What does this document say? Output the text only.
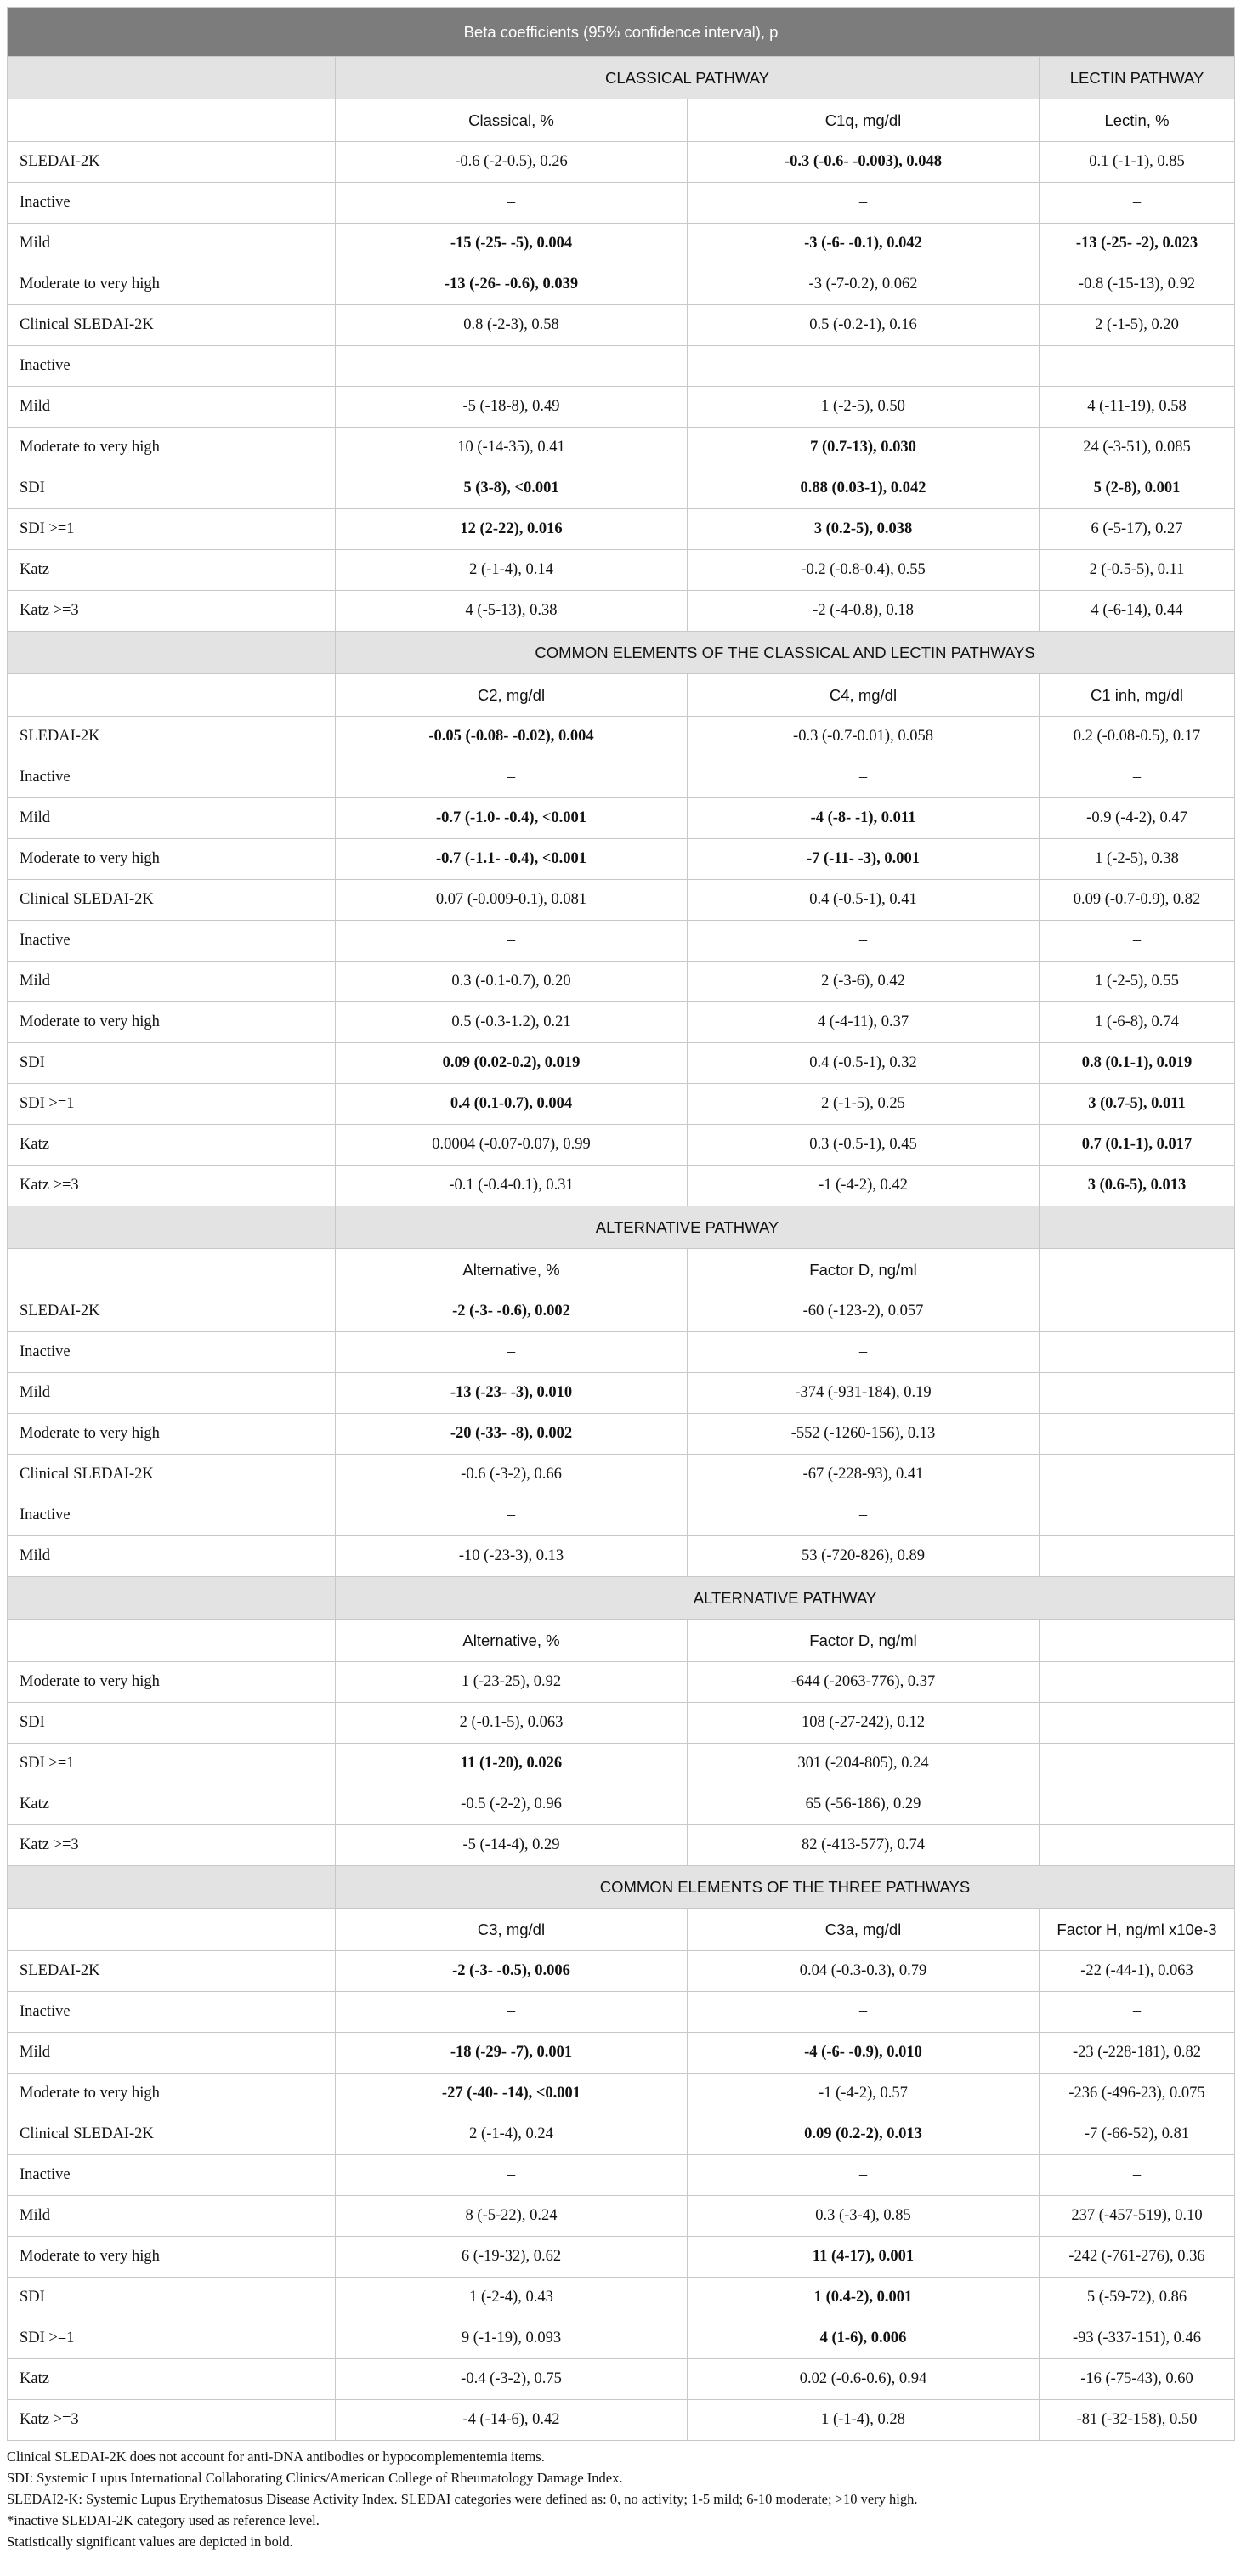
Beta coefficients (95% confidence interval), p			
	CLASSICAL PATHWAY		LECTIN PATHWAY
	Classical, %	C1q, mg/dl	Lectin, %
SLEDAI-2K	-0.6 (-2-0.5), 0.26	-0.3 (-0.6- -0.003), 0.048	0.1 (-1-1), 0.85
Inactive	–	–	–
Mild	-15 (-25- -5), 0.004	-3 (-6- -0.1), 0.042	-13 (-25- -2), 0.023
Moderate to very high	-13 (-26- -0.6), 0.039	-3 (-7-0.2), 0.062	-0.8 (-15-13), 0.92
Clinical SLEDAI-2K	0.8 (-2-3), 0.58	0.5 (-0.2-1), 0.16	2 (-1-5), 0.20
Inactive	–	–	–
Mild	-5 (-18-8), 0.49	1 (-2-5), 0.50	4 (-11-19), 0.58
Moderate to very high	10 (-14-35), 0.41	7 (0.7-13), 0.030	24 (-3-51), 0.085
SDI	5 (3-8), <0.001	0.88 (0.03-1), 0.042	5 (2-8), 0.001
SDI >=1	12 (2-22), 0.016	3 (0.2-5), 0.038	6 (-5-17), 0.27
Katz	2 (-1-4), 0.14	-0.2 (-0.8-0.4), 0.55	2 (-0.5-5), 0.11
Katz >=3	4 (-5-13), 0.38	-2 (-4-0.8), 0.18	4 (-6-14), 0.44
	COMMON ELEMENTS OF THE CLASSICAL AND LECTIN PATHWAYS		
	C2, mg/dl	C4, mg/dl	C1 inh, mg/dl
SLEDAI-2K	-0.05 (-0.08- -0.02), 0.004	-0.3 (-0.7-0.01), 0.058	0.2 (-0.08-0.5), 0.17
Inactive	–	–	–
Mild	-0.7 (-1.0- -0.4), <0.001	-4 (-8- -1), 0.011	-0.9 (-4-2), 0.47
Moderate to very high	-0.7 (-1.1- -0.4), <0.001	-7 (-11- -3), 0.001	1 (-2-5), 0.38
Clinical SLEDAI-2K	0.07 (-0.009-0.1), 0.081	0.4 (-0.5-1), 0.41	0.09 (-0.7-0.9), 0.82
Inactive	–	–	–
Mild	0.3 (-0.1-0.7), 0.20	2 (-3-6), 0.42	1 (-2-5), 0.55
Moderate to very high	0.5 (-0.3-1.2), 0.21	4 (-4-11), 0.37	1 (-6-8), 0.74
SDI	0.09 (0.02-0.2), 0.019	0.4 (-0.5-1), 0.32	0.8 (0.1-1), 0.019
SDI >=1	0.4 (0.1-0.7), 0.004	2 (-1-5), 0.25	3 (0.7-5), 0.011
Katz	0.0004 (-0.07-0.07), 0.99	0.3 (-0.5-1), 0.45	0.7 (0.1-1), 0.017
Katz >=3	-0.1 (-0.4-0.1), 0.31	-1 (-4-2), 0.42	3 (0.6-5), 0.013
	ALTERNATIVE PATHWAY		
	Alternative, %	Factor D, ng/ml	
SLEDAI-2K	-2 (-3- -0.6), 0.002	-60 (-123-2), 0.057	
Inactive	–	–	
Mild	-13 (-23- -3), 0.010	-374 (-931-184), 0.19	
Moderate to very high	-20 (-33- -8), 0.002	-552 (-1260-156), 0.13	
Clinical SLEDAI-2K	-0.6 (-3-2), 0.66	-67 (-228-93), 0.41	
Inactive	–	–	
Mild	-10 (-23-3), 0.13	53 (-720-826), 0.89	
	ALTERNATIVE PATHWAY		
	Alternative, %	Factor D, ng/ml	
Moderate to very high	1 (-23-25), 0.92	-644 (-2063-776), 0.37	
SDI	2 (-0.1-5), 0.063	108 (-27-242), 0.12	
SDI >=1	11 (1-20), 0.026	301 (-204-805), 0.24	
Katz	-0.5 (-2-2), 0.96	65 (-56-186), 0.29	
Katz >=3	-5 (-14-4), 0.29	82 (-413-577), 0.74	
	COMMON ELEMENTS OF THE THREE PATHWAYS		
	C3, mg/dl	C3a, mg/dl	Factor H, ng/ml x10e-3
SLEDAI-2K	-2 (-3- -0.5), 0.006	0.04 (-0.3-0.3), 0.79	-22 (-44-1), 0.063
Inactive	–	–	–
Mild	-18 (-29- -7), 0.001	-4 (-6- -0.9), 0.010	-23 (-228-181), 0.82
Moderate to very high	-27 (-40- -14), <0.001	-1 (-4-2), 0.57	-236 (-496-23), 0.075
Clinical SLEDAI-2K	2 (-1-4), 0.24	0.09 (0.2-2), 0.013	-7 (-66-52), 0.81
Inactive	–	–	–
Mild	8 (-5-22), 0.24	0.3 (-3-4), 0.85	237 (-457-519), 0.10
Moderate to very high	6 (-19-32), 0.62	11 (4-17), 0.001	-242 (-761-276), 0.36
SDI	1 (-2-4), 0.43	1 (0.4-2), 0.001	5 (-59-72), 0.86
SDI >=1	9 (-1-19), 0.093	4 (1-6), 0.006	-93 (-337-151), 0.46
Katz	-0.4 (-3-2), 0.75	0.02 (-0.6-0.6), 0.94	-16 (-75-43), 0.60
Katz >=3	-4 (-14-6), 0.42	1 (-1-4), 0.28	-81 (-32-158), 0.50
Clinical SLEDAI-2K does not account for anti-DNA antibodies or hypocomplementemia items.
SDI: Systemic Lupus International Collaborating Clinics/American College of Rheumatology Damage Index.
SLEDAI2-K: Systemic Lupus Erythematosus Disease Activity Index. SLEDAI categories were defined as: 0, no activity; 1-5 mild; 6-10 moderate; >10 very high.
*inactive SLEDAI-2K category used as reference level.
Statistically significant values are depicted in bold.
